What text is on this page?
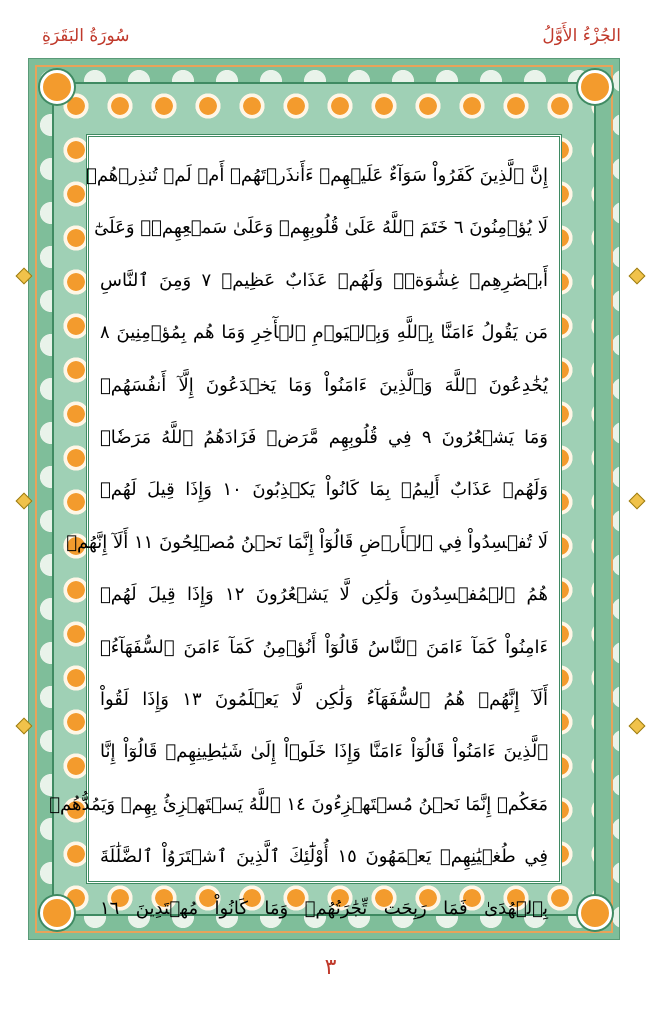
الجُزْءُ الأَوَّلُ
سُورَةُ البَقَرَةِ
إِنَّ ٱلَّذِينَ كَفَرُواْ سَوَآءٌ عَلَيۡهِمۡ ءَأَنذَرۡتَهُمۡ أَمۡ لَمۡ تُنذِرۡهُمۡ
لَا يُؤۡمِنُونَ ٦ خَتَمَ ٱللَّهُ عَلَىٰ قُلُوبِهِمۡ وَعَلَىٰ سَمۡعِهِمۡۖ وَعَلَىٰٓ
أَبۡصَٰرِهِمۡ غِشَٰوَةٞۖ وَلَهُمۡ عَذَابٌ عَظِيمٞ ٧ وَمِنَ ٱلنَّاسِ
مَن يَقُولُ ءَامَنَّا بِٱللَّهِ وَبِٱلۡيَوۡمِ ٱلۡأٓخِرِ وَمَا هُم بِمُؤۡمِنِينَ ٨
يُخَٰدِعُونَ ٱللَّهَ وَٱلَّذِينَ ءَامَنُواْ وَمَا يَخۡدَعُونَ إِلَّآ أَنفُسَهُمۡ
وَمَا يَشۡعُرُونَ ٩ فِي قُلُوبِهِم مَّرَضٞ فَزَادَهُمُ ٱللَّهُ مَرَضٗاۖ
وَلَهُمۡ عَذَابٌ أَلِيمُۢ بِمَا كَانُواْ يَكۡذِبُونَ ١٠ وَإِذَا قِيلَ لَهُمۡ
لَا تُفۡسِدُواْ فِي ٱلۡأَرۡضِ قَالُوٓاْ إِنَّمَا نَحۡنُ مُصۡلِحُونَ ١١ أَلَآ إِنَّهُمۡ
هُمُ ٱلۡمُفۡسِدُونَ وَلَٰكِن لَّا يَشۡعُرُونَ ١٢ وَإِذَا قِيلَ لَهُمۡ
ءَامِنُواْ كَمَآ ءَامَنَ ٱلنَّاسُ قَالُوٓاْ أَنُؤۡمِنُ كَمَآ ءَامَنَ ٱلسُّفَهَآءُۗ
أَلَآ إِنَّهُمۡ هُمُ ٱلسُّفَهَآءُ وَلَٰكِن لَّا يَعۡلَمُونَ ١٣ وَإِذَا لَقُواْ
ٱلَّذِينَ ءَامَنُواْ قَالُوٓاْ ءَامَنَّا وَإِذَا خَلَوۡاْ إِلَىٰ شَيَٰطِينِهِمۡ قَالُوٓاْ إِنَّا
مَعَكُمۡ إِنَّمَا نَحۡنُ مُسۡتَهۡزِءُونَ ١٤ ٱللَّهُ يَسۡتَهۡزِئُ بِهِمۡ وَيَمُدُّهُمۡ
فِي طُغۡيَٰنِهِمۡ يَعۡمَهُونَ ١٥ أُوْلَٰٓئِكَ ٱلَّذِينَ ٱشۡتَرَوُاْ ٱلضَّلَٰلَةَ
بِٱلۡهُدَىٰ فَمَا رَبِحَت تِّجَٰرَتُهُمۡ وَمَا كَانُواْ مُهۡتَدِينَ ١٦
٣
